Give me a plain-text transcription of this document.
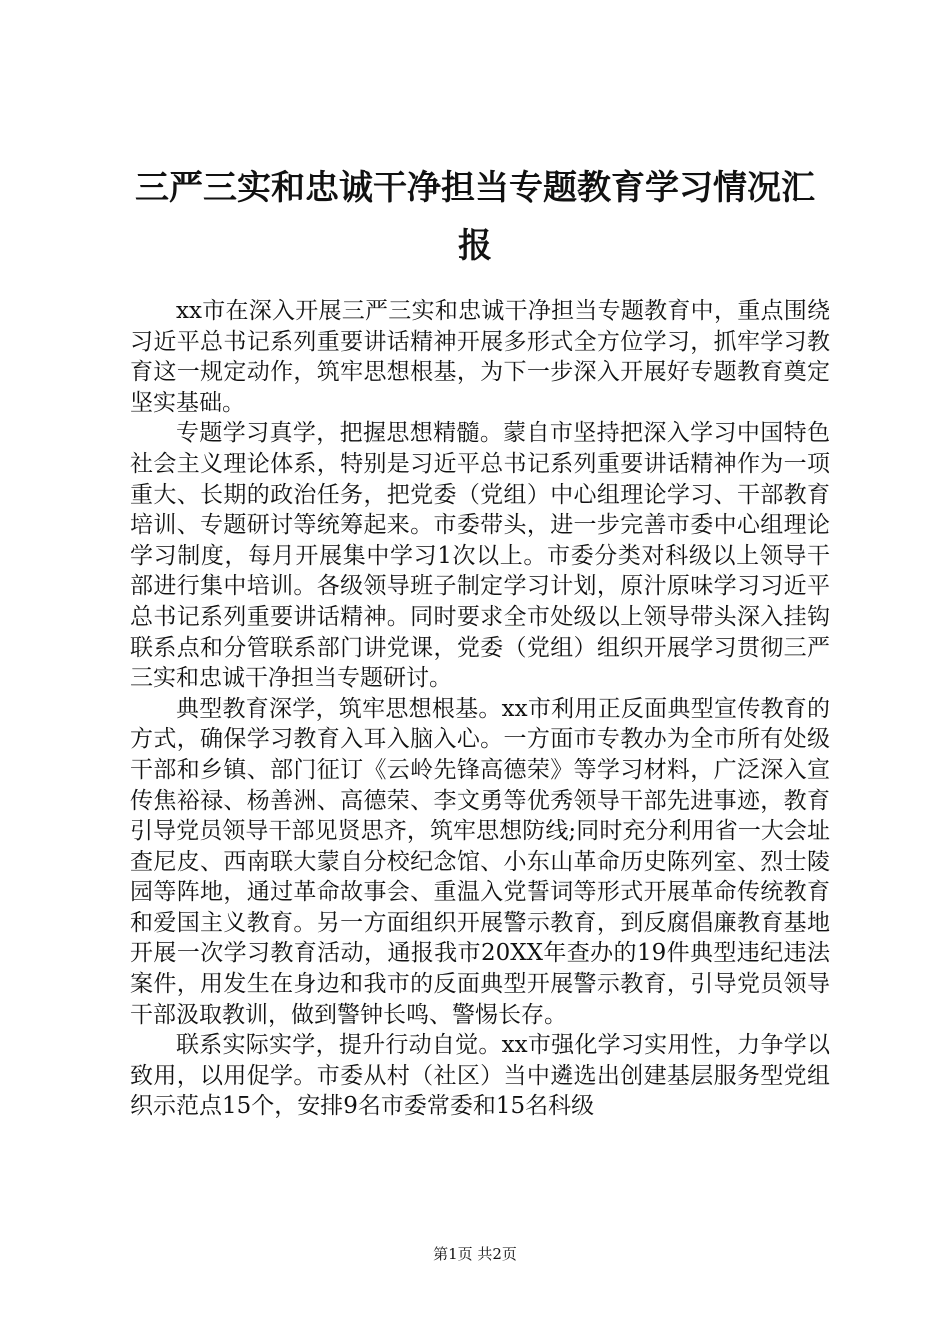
三严三实和忠诚干净担当专题教育学习情况汇
报

xx市在深入开展三严三实和忠诚干净担当专题教育中，重点围绕习近平总书记系列重要讲话精神开展多形式全方位学习，抓牢学习教育这一规定动作，筑牢思想根基，为下一步深入开展好专题教育奠定坚实基础。

专题学习真学，把握思想精髓。蒙自市坚持把深入学习中国特色社会主义理论体系，特别是习近平总书记系列重要讲话精神作为一项重大、长期的政治任务，把党委（党组）中心组理论学习、干部教育培训、专题研讨等统筹起来。市委带头，进一步完善市委中心组理论学习制度，每月开展集中学习1次以上。市委分类对科级以上领导干部进行集中培训。各级领导班子制定学习计划，原汁原味学习习近平总书记系列重要讲话精神。同时要求全市处级以上领导带头深入挂钩联系点和分管联系部门讲党课，党委（党组）组织开展学习贯彻三严三实和忠诚干净担当专题研讨。

典型教育深学，筑牢思想根基。xx市利用正反面典型宣传教育的方式，确保学习教育入耳入脑入心。一方面市专教办为全市所有处级干部和乡镇、部门征订《云岭先锋高德荣》等学习材料，广泛深入宣传焦裕禄、杨善洲、高德荣、李文勇等优秀领导干部先进事迹，教育引导党员领导干部见贤思齐，筑牢思想防线;同时充分利用省一大会址查尼皮、西南联大蒙自分校纪念馆、小东山革命历史陈列室、烈士陵园等阵地，通过革命故事会、重温入党誓词等形式开展革命传统教育和爱国主义教育。另一方面组织开展警示教育，到反腐倡廉教育基地开展一次学习教育活动，通报我市20XX年查办的19件典型违纪违法案件，用发生在身边和我市的反面典型开展警示教育，引导党员领导干部汲取教训，做到警钟长鸣、警惕长存。

联系实际实学，提升行动自觉。xx市强化学习实用性，力争学以致用，以用促学。市委从村（社区）当中遴选出创建基层服务型党组织示范点15个，安排9名市委常委和15名科级

第1页 共2页
